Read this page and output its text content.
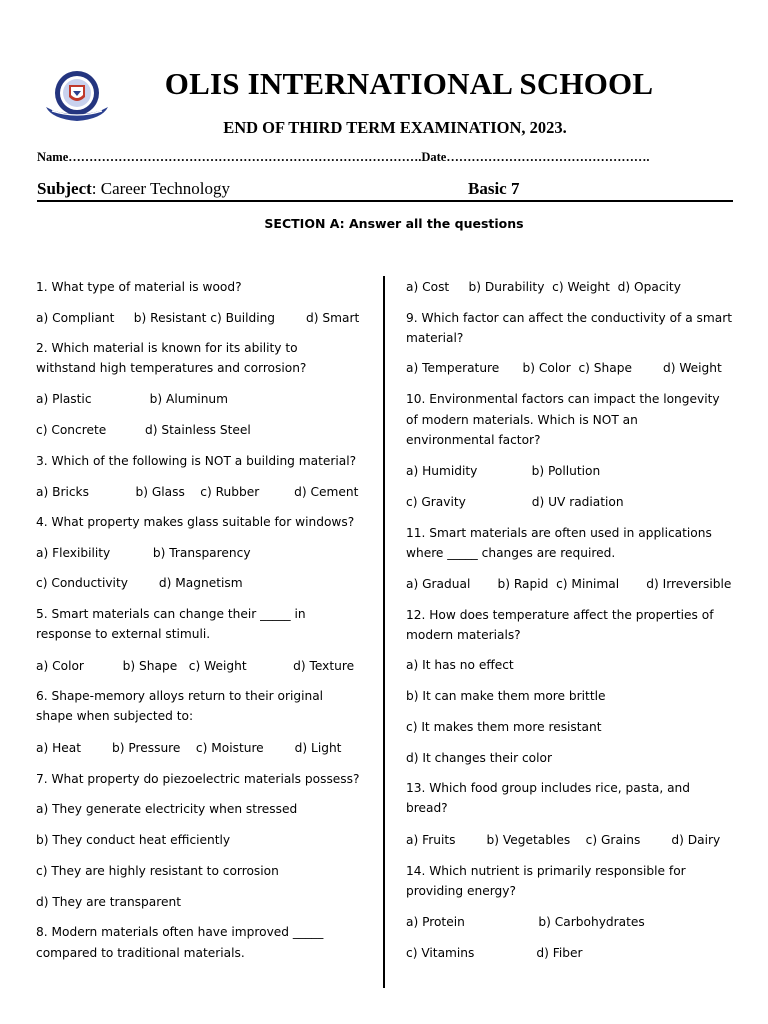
OLIS INTERNATIONAL SCHOOL
END OF THIRD TERM EXAMINATION, 2023.
Name………………………………………………………………………….Date………………………………………….
Subject: Career Technology	Basic 7
SECTION A: Answer all the questions
1. What type of material is wood?
a) Compliant     b) Resistant c) Building        d) Smart
2. Which material is known for its ability to
withstand high temperatures and corrosion?
a) Plastic               b) Aluminum
c) Concrete          d) Stainless Steel
3. Which of the following is NOT a building material?
a) Bricks            b) Glass    c) Rubber         d) Cement
4. What property makes glass suitable for windows?
a) Flexibility           b) Transparency
c) Conductivity        d) Magnetism
5. Smart materials can change their _____ in
response to external stimuli.
a) Color          b) Shape   c) Weight            d) Texture
6. Shape-memory alloys return to their original
shape when subjected to:
a) Heat        b) Pressure    c) Moisture        d) Light
7. What property do piezoelectric materials possess?
a) They generate electricity when stressed
b) They conduct heat efficiently
c) They are highly resistant to corrosion
d) They are transparent
8. Modern materials often have improved _____
compared to traditional materials.
a) Cost     b) Durability  c) Weight  d) Opacity
9. Which factor can affect the conductivity of a smart
material?
a) Temperature      b) Color  c) Shape        d) Weight
10. Environmental factors can impact the longevity
of modern materials. Which is NOT an
environmental factor?
a) Humidity              b) Pollution
c) Gravity                 d) UV radiation
11. Smart materials are often used in applications
where _____ changes are required.
a) Gradual       b) Rapid  c) Minimal       d) Irreversible
12. How does temperature affect the properties of
modern materials?
a) It has no effect
b) It can make them more brittle
c) It makes them more resistant
d) It changes their color
13. Which food group includes rice, pasta, and
bread?
a) Fruits        b) Vegetables    c) Grains        d) Dairy
14. Which nutrient is primarily responsible for
providing energy?
a) Protein                   b) Carbohydrates
c) Vitamins                d) Fiber
